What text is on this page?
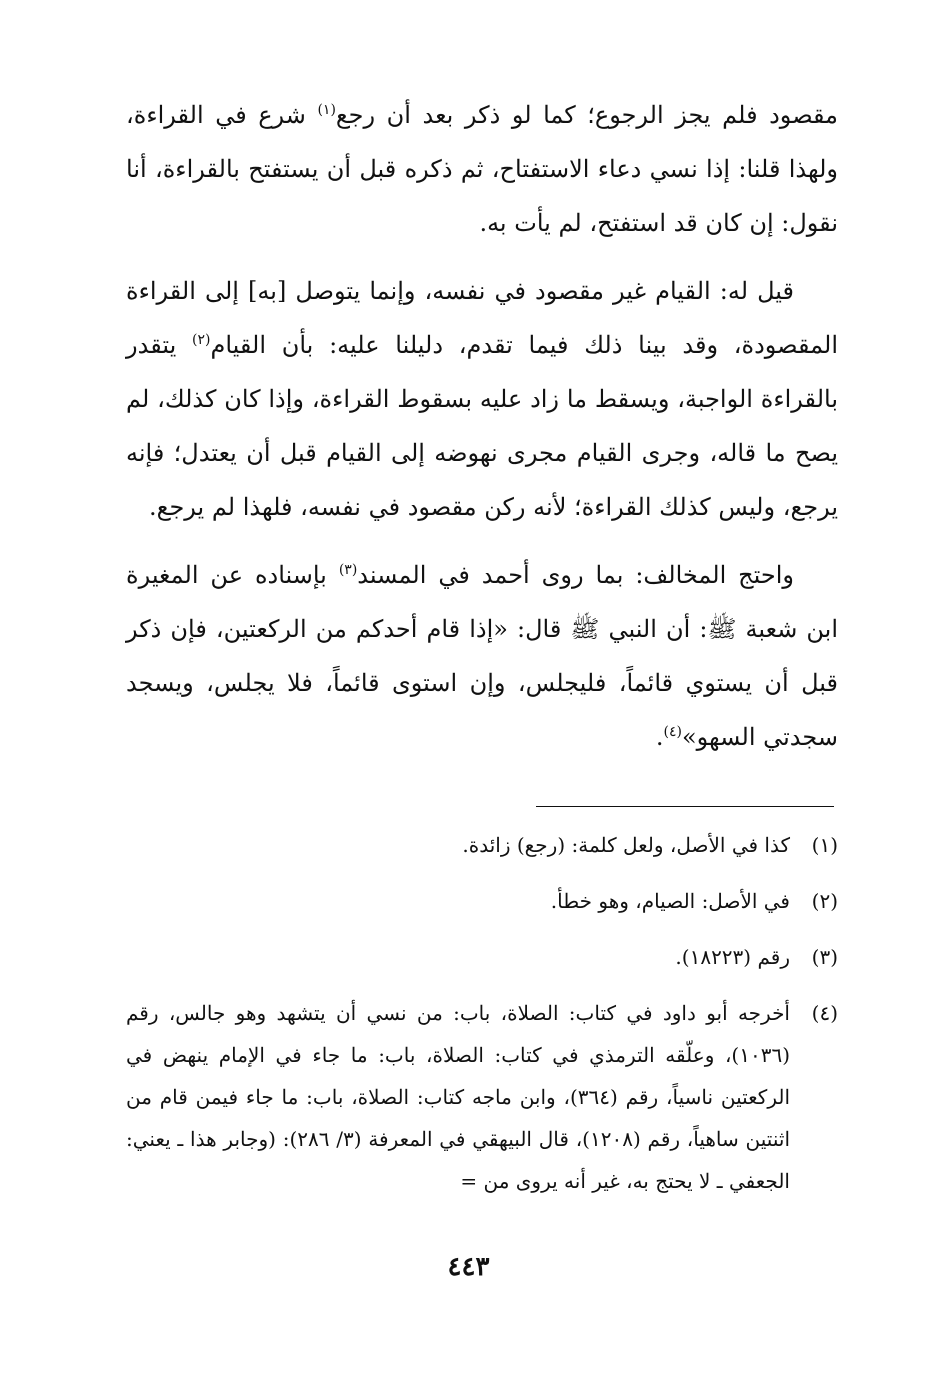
مقصود فلم يجز الرجوع؛ كما لو ذكر بعد أن رجع$^{(١)}$ شرع في القراءة، ولهذا قلنا: إذا نسي دعاء الاستفتاح، ثم ذكره قبل أن يستفتح بالقراءة، أنا نقول: إن كان قد استفتح، لم يأت به.

قيل له: القيام غير مقصود في نفسه، وإنما يتوصل [به] إلى القراءة المقصودة، وقد بينا ذلك فيما تقدم، دليلنا عليه: بأن القيام$^{(٢)}$ يتقدر بالقراءة الواجبة، ويسقط ما زاد عليه بسقوط القراءة، وإذا كان كذلك، لم يصح ما قاله، وجرى القيام مجرى نهوضه إلى القيام قبل أن يعتدل؛ فإنه يرجع، وليس كذلك القراءة؛ لأنه ركن مقصود في نفسه، فلهذا لم يرجع.

واحتج المخالف: بما روى أحمد في المسند$^{(٣)}$ بإسناده عن المغيرة ابن شعبة ﷺ: أن النبي ﷺ قال: «إذا قام أحدكم من الركعتين، فإن ذكر قبل أن يستوي قائماً، فليجلس، وإن استوى قائماً، فلا يجلس، ويسجد سجدتي السهو»$^{(٤)}$.

(١)
كذا في الأصل، ولعل كلمة: (رجع) زائدة.
(٢)
في الأصل: الصيام، وهو خطأ.
(٣)
رقم (١٨٢٢٣).
(٤)
أخرجه أبو داود في كتاب: الصلاة، باب: من نسي أن يتشهد وهو جالس، رقم (١٠٣٦)، وعلّقه الترمذي في كتاب: الصلاة، باب: ما جاء في الإمام ينهض في الركعتين ناسياً، رقم (٣٦٤)، وابن ماجه كتاب: الصلاة، باب: ما جاء فيمن قام من اثنتين ساهياً، رقم (١٢٠٨)، قال البيهقي في المعرفة (٣/ ٢٨٦): (وجابر هذا ـ يعني: الجعفي ـ لا يحتج به، غير أنه يروى من =
٤٤٣
